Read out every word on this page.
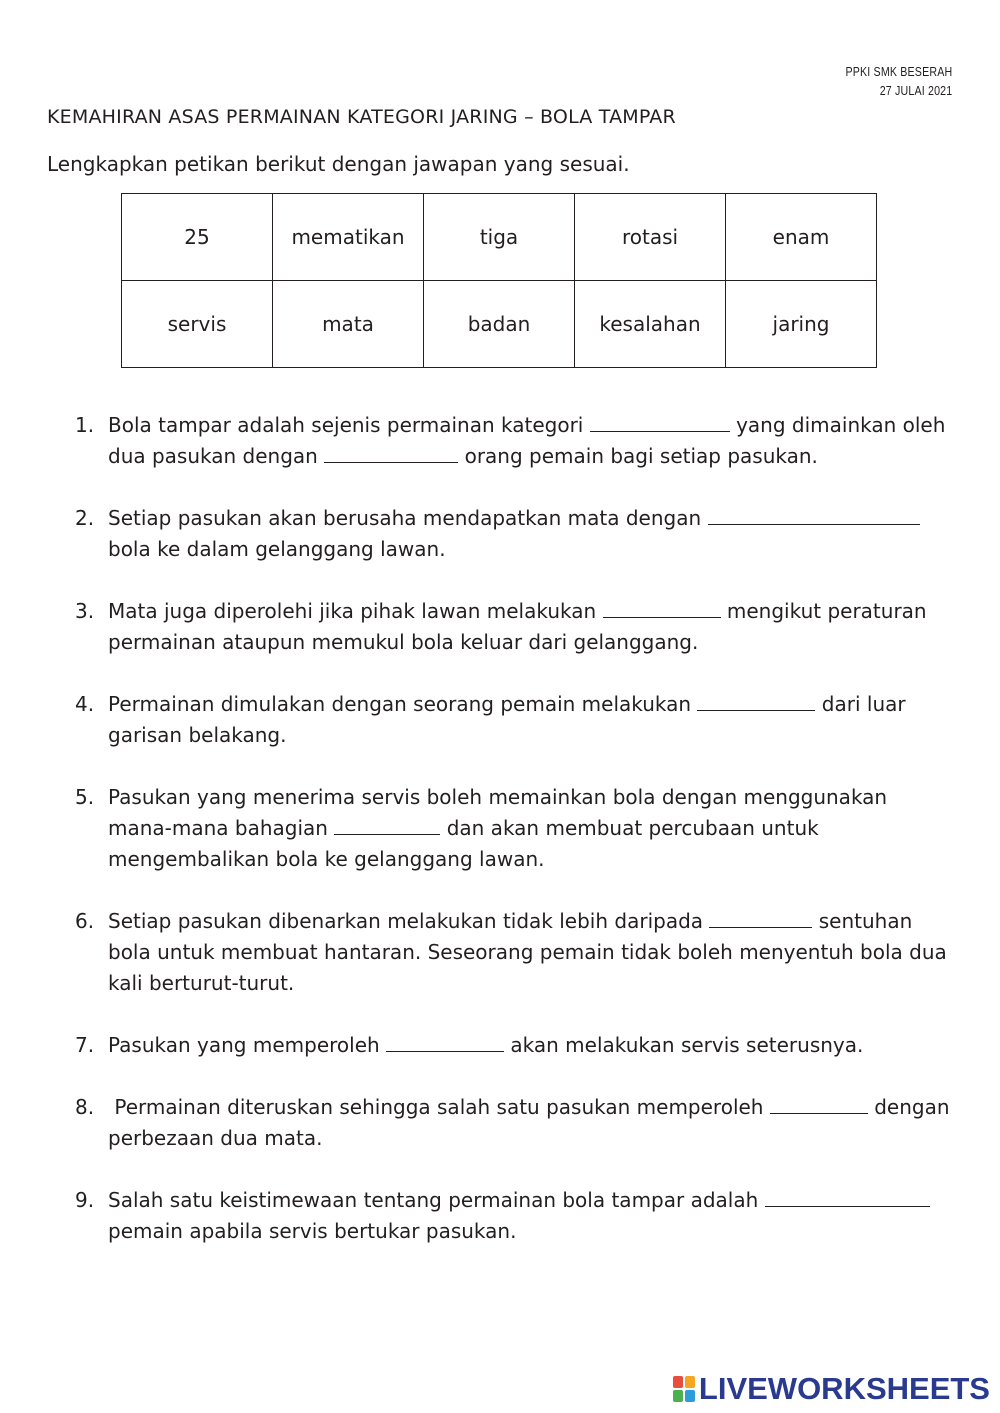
PPKI SMK BESERAH
27 JULAI 2021
KEMAHIRAN ASAS PERMAINAN KATEGORI JARING – BOLA TAMPAR
Lengkapkan petikan berikut dengan jawapan yang sesuai.
25	mematikan	tiga	rotasi	enam
servis	mata	badan	kesalahan	jaring
1. Bola tampar adalah sejenis permainan kategori	yang dimainkan oleh dua pasukan dengan	orang pemain bagi setiap pasukan.
2. Setiap pasukan akan berusaha mendapatkan mata dengan	bola ke dalam gelanggang lawan.
3. Mata juga diperolehi jika pihak lawan melakukan	mengikut peraturan permainan ataupun memukul bola keluar dari gelanggang.
4. Permainan dimulakan dengan seorang pemain melakukan	dari luar garisan belakang.
5. Pasukan yang menerima servis boleh memainkan bola dengan menggunakan mana-mana bahagian	dan akan membuat percubaan untuk mengembalikan bola ke gelanggang lawan.
6. Setiap pasukan dibenarkan melakukan tidak lebih daripada	sentuhan bola untuk membuat hantaran. Seseorang pemain tidak boleh menyentuh bola dua kali berturut-turut.
7. Pasukan yang memperoleh	akan melakukan servis seterusnya.
8. Permainan diteruskan sehingga salah satu pasukan memperoleh	dengan perbezaan dua mata.
9. Salah satu keistimewaan tentang permainan bola tampar adalah	pemain apabila servis bertukar pasukan.
LIVEWORKSHEETS
